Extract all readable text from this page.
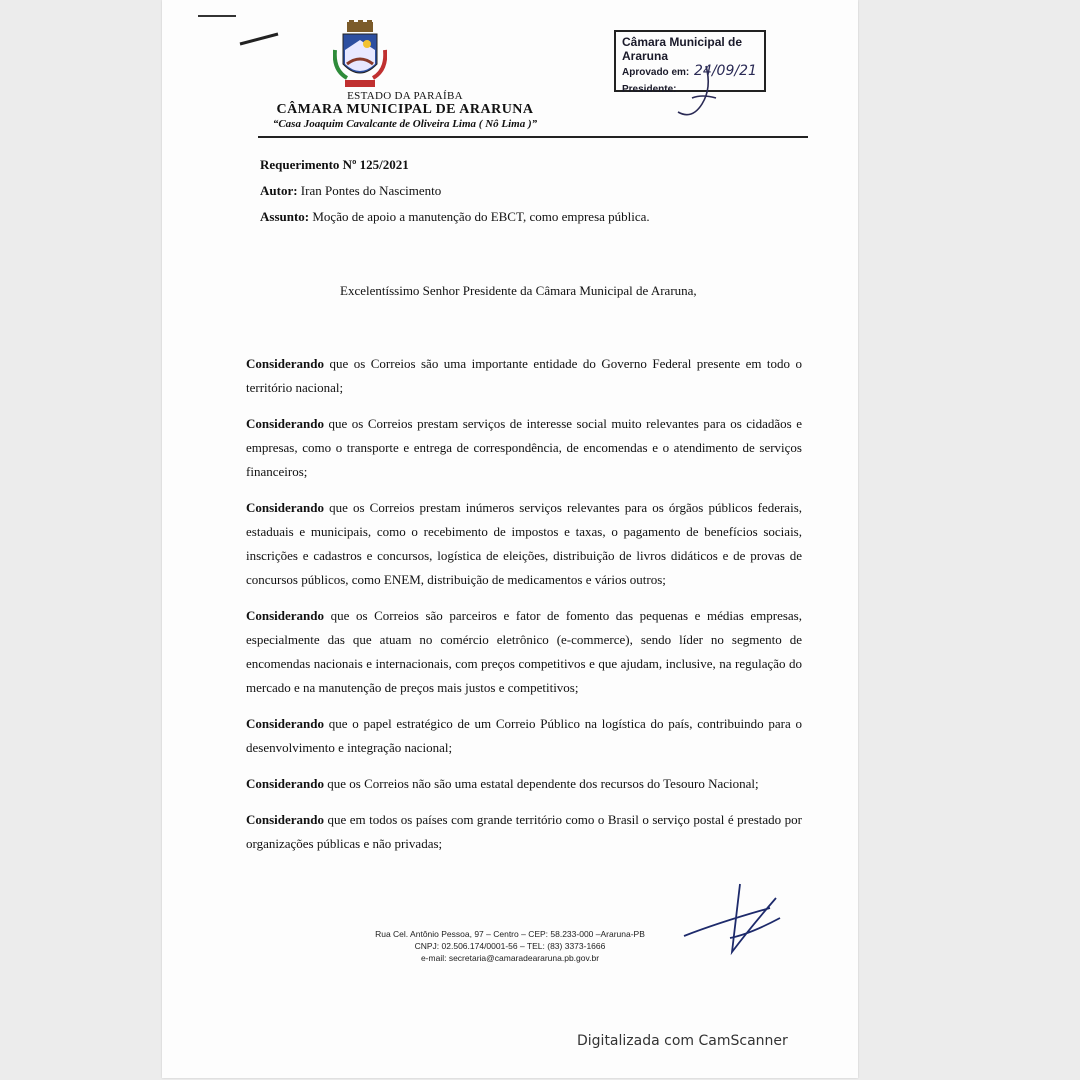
ESTADO DA PARAÍBA
CÂMARA MUNICIPAL DE ARARUNA
“Casa Joaquim Cavalcante de Oliveira Lima ( Nô Lima )”
Câmara Municipal de Araruna
Aprovado em: 24/09/21
Presidente:
Requerimento Nº 125/2021
Autor: Iran Pontes do Nascimento
Assunto: Moção de apoio a manutenção do EBCT, como empresa pública.
Excelentíssimo Senhor Presidente da Câmara Municipal de Araruna,

Considerando que os Correios são uma importante entidade do Governo Federal presente em todo o território nacional;

Considerando que os Correios prestam serviços de interesse social muito relevantes para os cidadãos e empresas, como o transporte e entrega de correspondência, de encomendas e o atendimento de serviços financeiros;

Considerando que os Correios prestam inúmeros serviços relevantes para os órgãos públicos federais, estaduais e municipais, como o recebimento de impostos e taxas, o pagamento de benefícios sociais, inscrições e cadastros e concursos, logística de eleições, distribuição de livros didáticos e de provas de concursos públicos, como ENEM, distribuição de medicamentos e vários outros;

Considerando que os Correios são parceiros e fator de fomento das pequenas e médias empresas, especialmente das que atuam no comércio eletrônico (e-commerce), sendo líder no segmento de encomendas nacionais e internacionais, com preços competitivos e que ajudam, inclusive, na regulação do mercado e na manutenção de preços mais justos e competitivos;

Considerando que o papel estratégico de um Correio Público na logística do país, contribuindo para o desenvolvimento e integração nacional;

Considerando que os Correios não são uma estatal dependente dos recursos do Tesouro Nacional;

Considerando que em todos os países com grande território como o Brasil o serviço postal é prestado por organizações públicas e não privadas;

Rua Cel. Antônio Pessoa, 97 – Centro – CEP: 58.233-000 –Araruna-PB
CNPJ: 02.506.174/0001-56 – TEL: (83) 3373-1666
e-mail: secretaria@camaradeararuna.pb.gov.br
Digitalizada com CamScanner
